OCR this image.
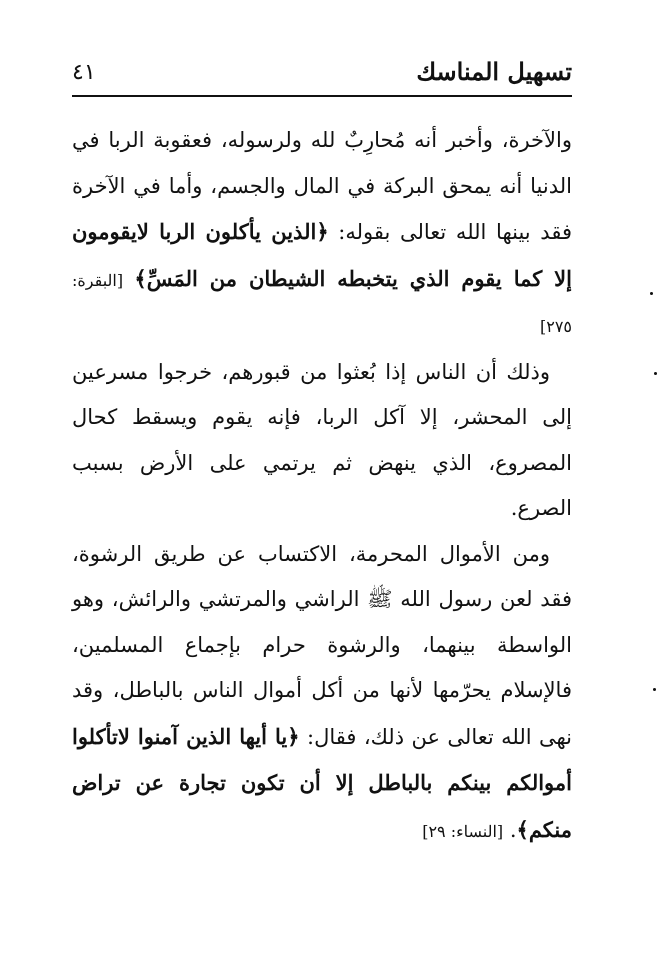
تسهيل المناسك
٤١

والآخرة، وأخبر أنه مُحارِبٌ لله ولرسوله، فعقوبة الربا في الدنيا أنه يمحق البركة في المال والجسم، وأما في الآخرة فقد بينها الله تعالى بقوله: ﴿الذين يأكلون الربا لايقومون إلا كما يقوم الذي يتخبطه الشيطان من المَسِّ﴾ [البقرة: ٢٧٥]

وذلك أن الناس إذا بُعثوا من قبورهم، خرجوا مسرعين إلى المحشر، إلا آكل الربا، فإنه يقوم ويسقط كحال المصروع، الذي ينهض ثم يرتمي على الأرض بسبب الصرع.

ومن الأموال المحرمة، الاكتساب عن طريق الرشوة، فقد لعن رسول الله ﷺ الراشي والمرتشي والرائش، وهو الواسطة بينهما، والرشوة حرام بإجماع المسلمين، فالإسلام يحرّمها لأنها من أكل أموال الناس بالباطل، وقد نهى الله تعالى عن ذلك، فقال: ﴿يا أيها الذين آمنوا لاتأكلوا أموالكم بينكم بالباطل إلا أن تكون تجارة عن تراض منكم﴾. [النساء: ٢٩]
